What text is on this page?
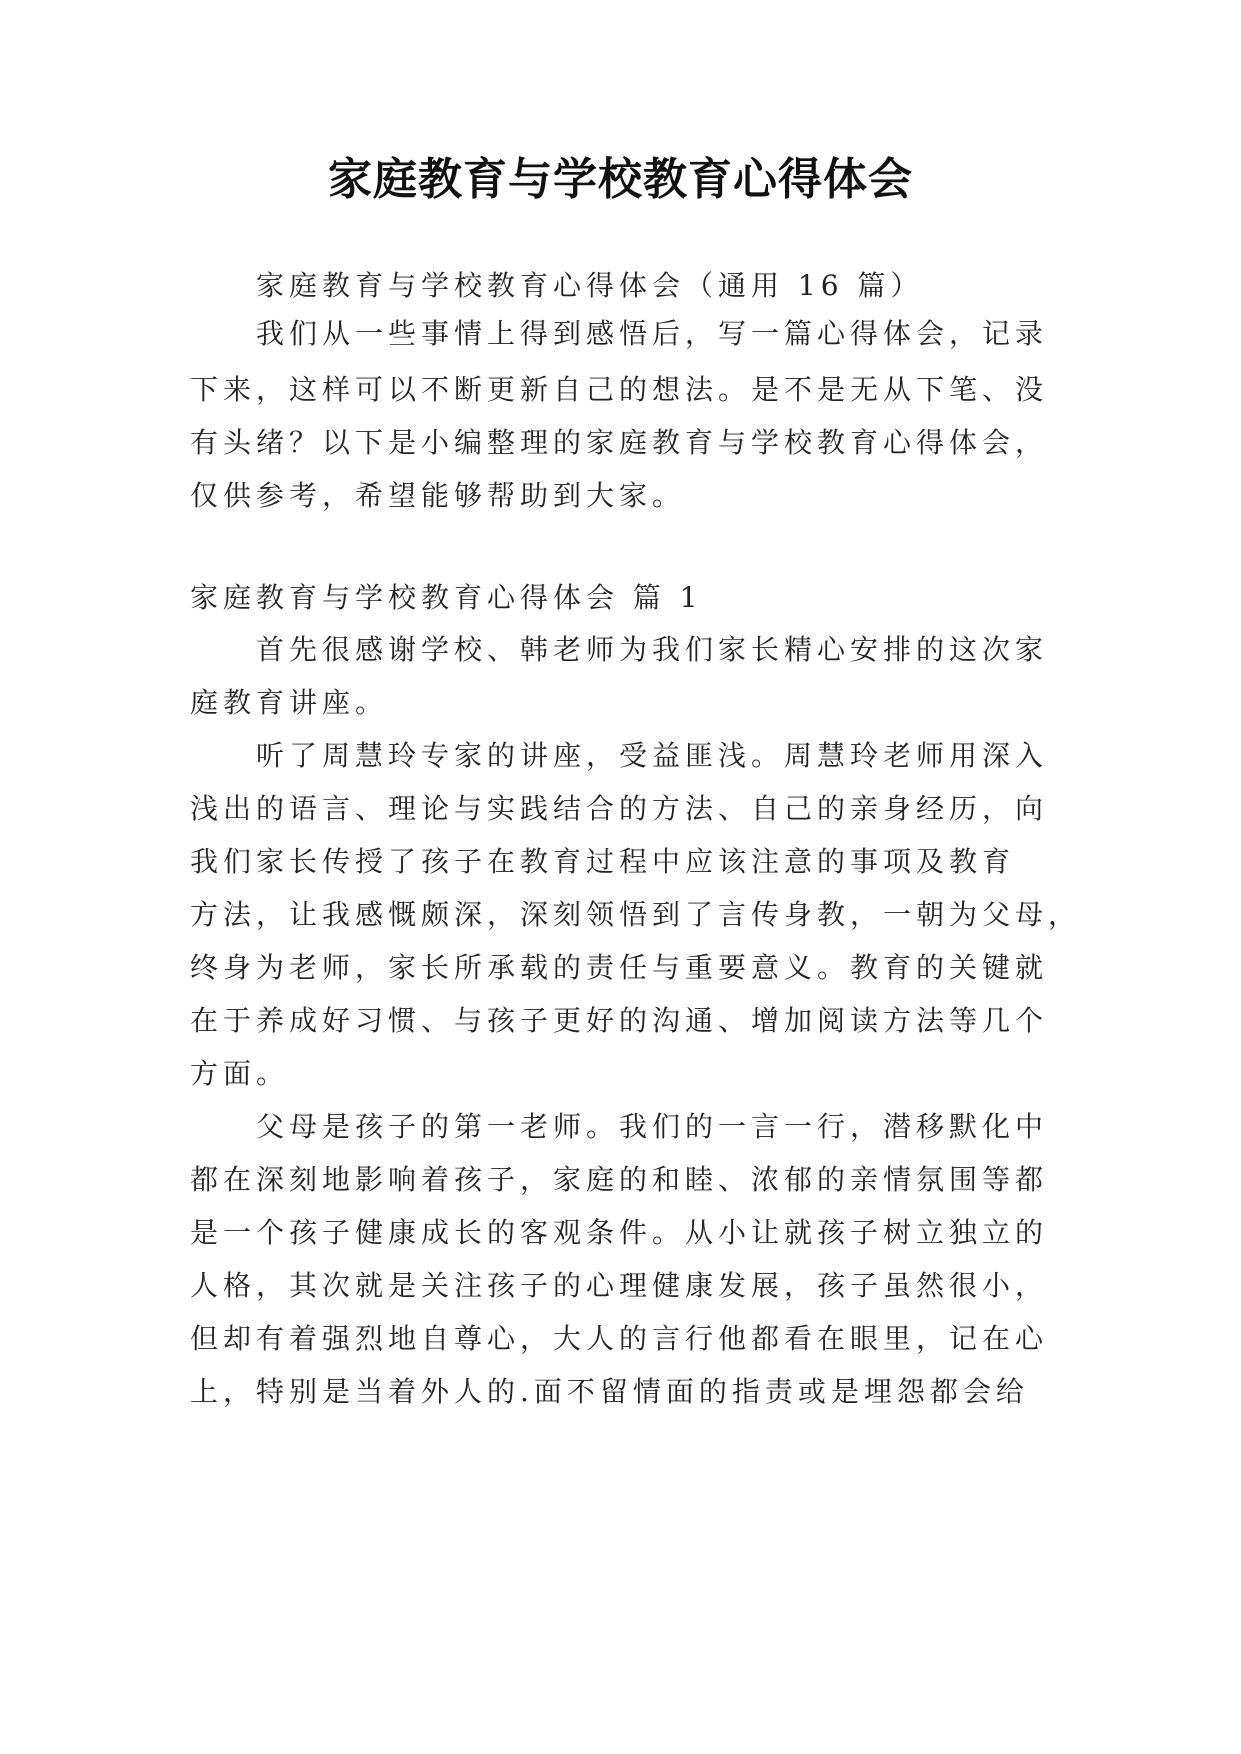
家庭教育与学校教育心得体会
家庭教育与学校教育心得体会（通用 16 篇）
我们从一些事情上得到感悟后，写一篇心得体会，记录
下来，这样可以不断更新自己的想法。是不是无从下笔、没
有头绪？以下是小编整理的家庭教育与学校教育心得体会，
仅供参考，希望能够帮助到大家。
家庭教育与学校教育心得体会 篇 1
首先很感谢学校、韩老师为我们家长精心安排的这次家
庭教育讲座。
听了周慧玲专家的讲座，受益匪浅。周慧玲老师用深入
浅出的语言、理论与实践结合的方法、自己的亲身经历，向
我们家长传授了孩子在教育过程中应该注意的事项及教育
方法，让我感慨颇深，深刻领悟到了言传身教，一朝为父母，
终身为老师，家长所承载的责任与重要意义。教育的关键就
在于养成好习惯、与孩子更好的沟通、增加阅读方法等几个
方面。
父母是孩子的第一老师。我们的一言一行，潜移默化中
都在深刻地影响着孩子，家庭的和睦、浓郁的亲情氛围等都
是一个孩子健康成长的客观条件。从小让就孩子树立独立的
人格，其次就是关注孩子的心理健康发展，孩子虽然很小，
但却有着强烈地自尊心，大人的言行他都看在眼里，记在心
上，特别是当着外人的.面不留情面的指责或是埋怨都会给
